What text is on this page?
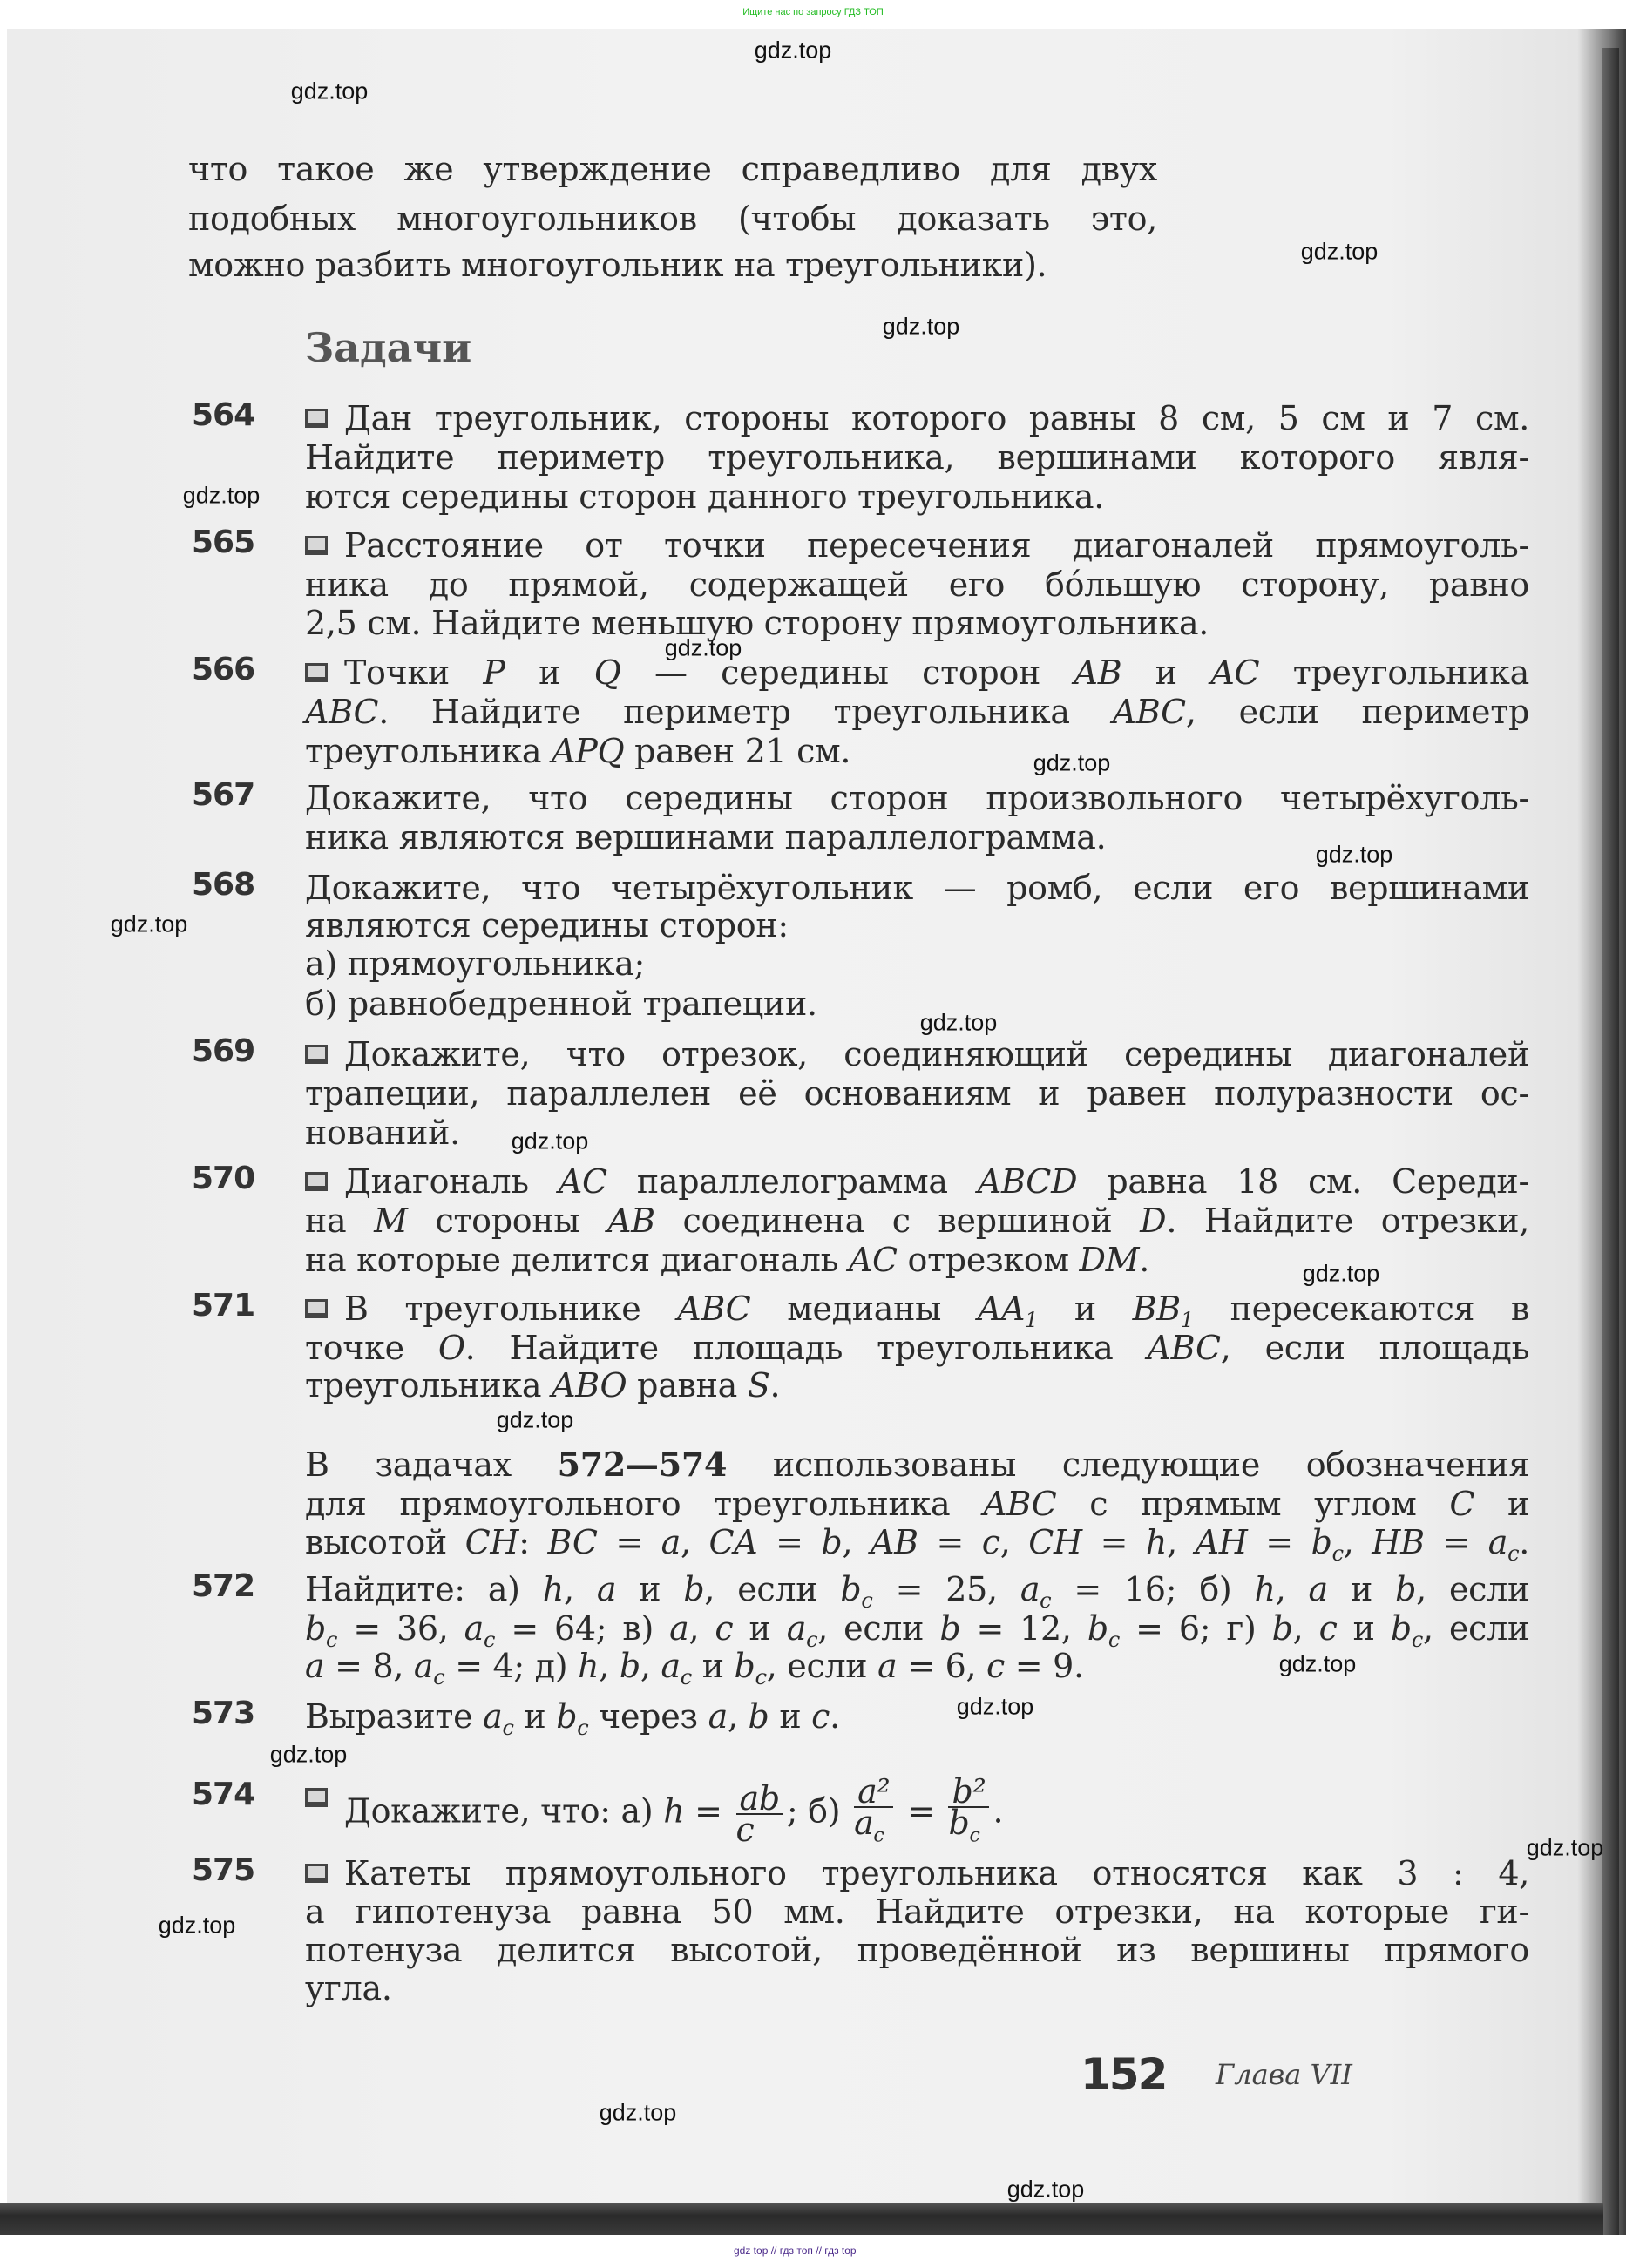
Ищите нас по запросу ГДЗ ТОП
Задачи
152 Глава VII
что такое же утверждение справедливо для двух
подобных многоугольников (чтобы доказать это,
можно разбить многоугольник на треугольники).
564	Дан треугольник, стороны которого равны 8 см, 5 см и 7 см.
Найдите периметр треугольника, вершинами которого явля-
ются середины сторон данного треугольника.
565	Расстояние от точки пересечения диагоналей прямоуголь-
ника до прямой, содержащей его бóльшую сторону, равно
2,5 см. Найдите меньшую сторону прямоугольника.
566	Точки P и Q — середины сторон AB и AC треугольника
ABC. Найдите периметр треугольника ABC, если периметр
треугольника APQ равен 21 см.
567 Докажите, что середины сторон произвольного четырёхуголь-
ника являются вершинами параллелограмма.
568 Докажите, что четырёхугольник — ромб, если его вершинами
являются середины сторон:
а) прямоугольника;
б) равнобедренной трапеции.
569	Докажите, что отрезок, соединяющий середины диагоналей
трапеции, параллелен её основаниям и равен полуразности ос-
нований.
570	Диагональ AC параллелограмма ABCD равна 18 см. Середи-
на M стороны AB соединена с вершиной D. Найдите отрезки,
на которые делится диагональ AC отрезком DM.
571	В треугольнике ABC медианы $AA_1$ и $BB_1$ пересекаются в
точке O. Найдите площадь треугольника ABC, если площадь
треугольника ABO равна S.
В задачах 572—574 использованы следующие обозначения
для прямоугольного треугольника ABC с прямым углом C и
высотой CH: BC = a, CA = b, AB = c, CH = h, AH = $b_c$, HB = $a_c$.
572 Найдите: а) h, a и b, если $b_c = 25$, $a_c = 16$; б) h, a и b, если
$b_c = 36$, $a_c = 64$; в) a, c и $a_c$, если b = 12, $b_c = 6$; г) b, c и $b_c$, если
a = 8, $a_c = 4$; д) h, b, $a_c$ и $b_c$, если a = 6, c = 9.
573 Выразите $a_c$ и $b_c$ через a, b и c.
574	Докажите, что: а) $h = \frac{ab}{c}$ ; $б) \frac{\text{a²}}{a_c} = \frac{\text{b²}}{b_c}$ .
575	Катеты прямоугольного треугольника относятся как 3 : 4,
а гипотенуза равна 50 мм. Найдите отрезки, на которые ги-
потенуза делится высотой, проведённой из вершины прямого
угла.
gdz.top
gdz.top
gdz.top
gdz.top
gdz.top
gdz.top
gdz.top
gdz.top
gdz.top
gdz.top
gdz.top
gdz.top
gdz.top
gdz.top
gdz.top
gdz.top
gdz.top
gdz.top
gdz.top
gdz.top
gdz top // гдз топ // гдз top
